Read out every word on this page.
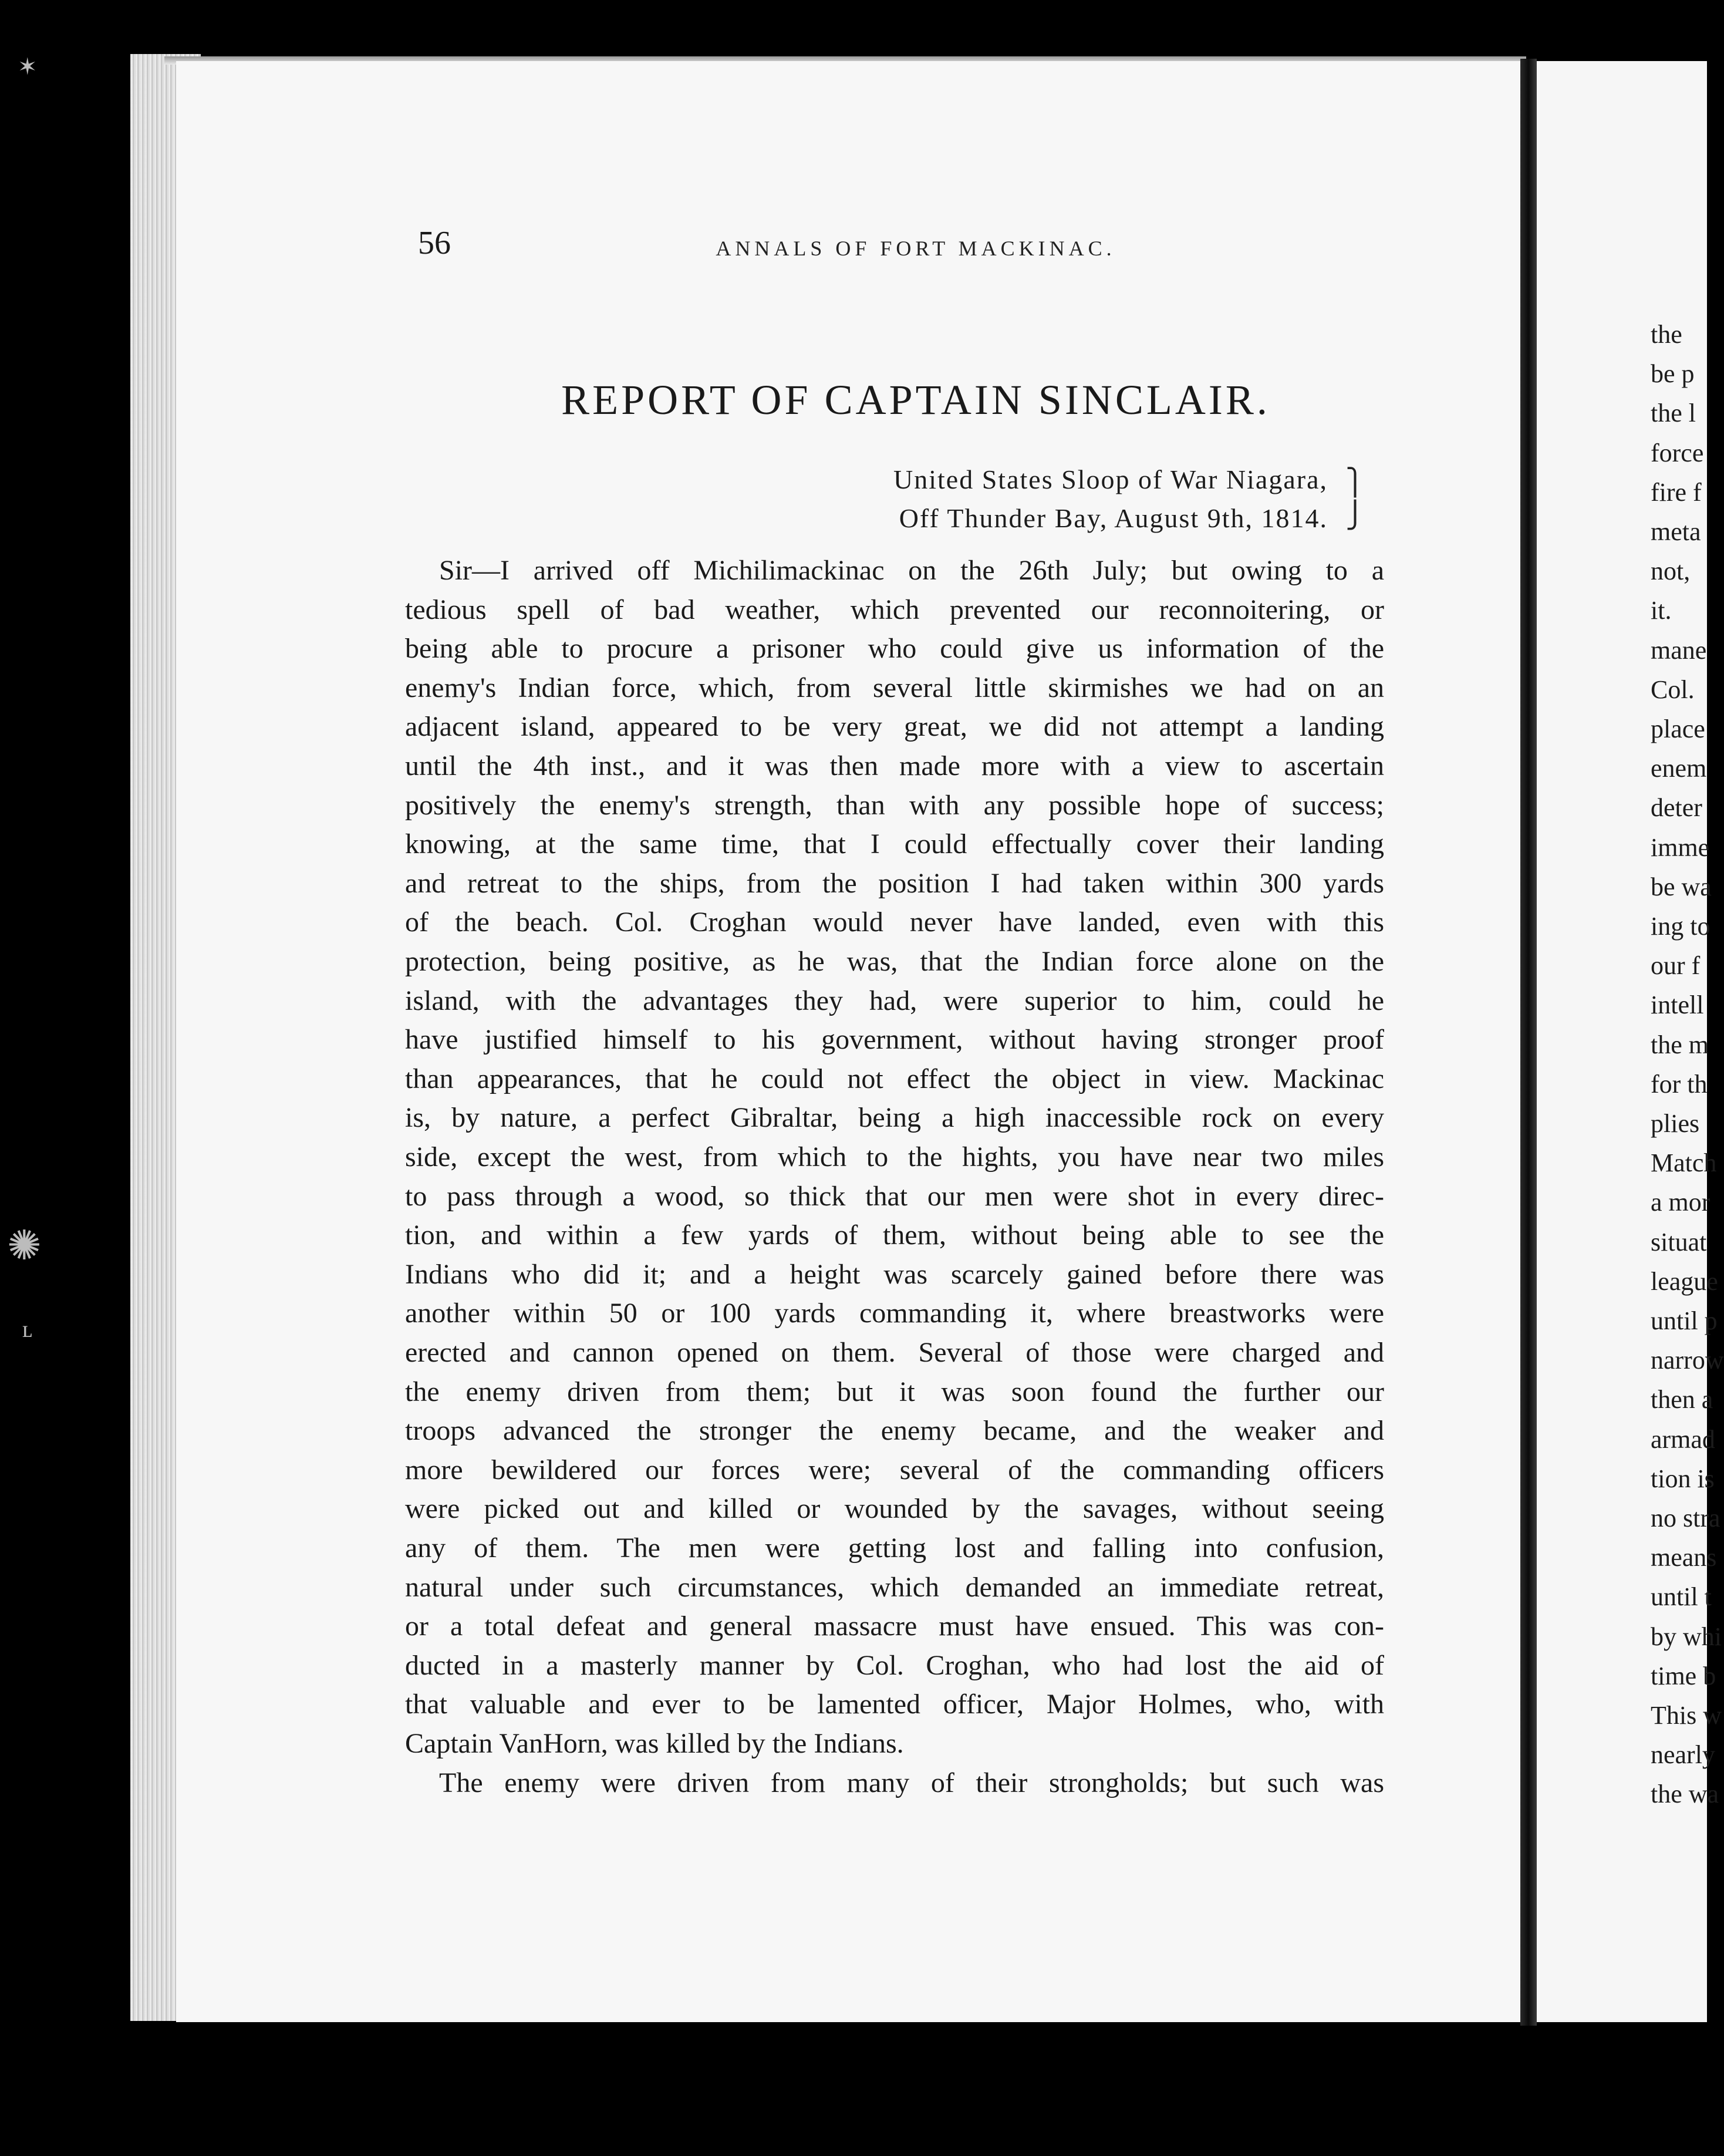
✶
✺
ʟ
56	ANNALS OF FORT MACKINAC.
REPORT OF CAPTAIN SINCLAIR.
United States Sloop of War Niagara,
Off Thunder Bay, August 9th, 1814.
⎫
⎭
Sir—I arrived off Michilimackinac on the 26th July; but owing to a
tedious spell of bad weather, which prevented our reconnoitering, or
being able to procure a prisoner who could give us information of the
enemy's Indian force, which, from several little skirmishes we had on an
adjacent island, appeared to be very great, we did not attempt a landing
until the 4th inst., and it was then made more with a view to ascertain
positively the enemy's strength, than with any possible hope of success;
knowing, at the same time, that I could effectually cover their landing
and retreat to the ships, from the position I had taken within 300 yards
of the beach. Col. Croghan would never have landed, even with this
protection, being positive, as he was, that the Indian force alone on the
island, with the advantages they had, were superior to him, could he
have justified himself to his government, without having stronger proof
than appearances, that he could not effect the object in view. Mackinac
is, by nature, a perfect Gibraltar, being a high inaccessible rock on every
side, except the west, from which to the hights, you have near two miles
to pass through a wood, so thick that our men were shot in every direc-
tion, and within a few yards of them, without being able to see the
Indians who did it; and a height was scarcely gained before there was
another within 50 or 100 yards commanding it, where breastworks were
erected and cannon opened on them. Several of those were charged and
the enemy driven from them; but it was soon found the further our
troops advanced the stronger the enemy became, and the weaker and
more bewildered our forces were; several of the commanding officers
were picked out and killed or wounded by the savages, without seeing
any of them. The men were getting lost and falling into confusion,
natural under such circumstances, which demanded an immediate retreat,
or a total defeat and general massacre must have ensued. This was con-
ducted in a masterly manner by Col. Croghan, who had lost the aid of
that valuable and ever to be lamented officer, Major Holmes, who, with
Captain VanHorn, was killed by the Indians.
The enemy were driven from many of their strongholds; but such was
the
be p
the l
force
fire f
meta
not,
it.
mane
Col.
place
enem
deter
imme
be wa
ing to
our f
intell
the m
for th
plies
Match
a mor
situat
league
until p
narrow
then a
armad
tion is
no stra
means
until t
by whi
time b
This w
nearly
the wa
